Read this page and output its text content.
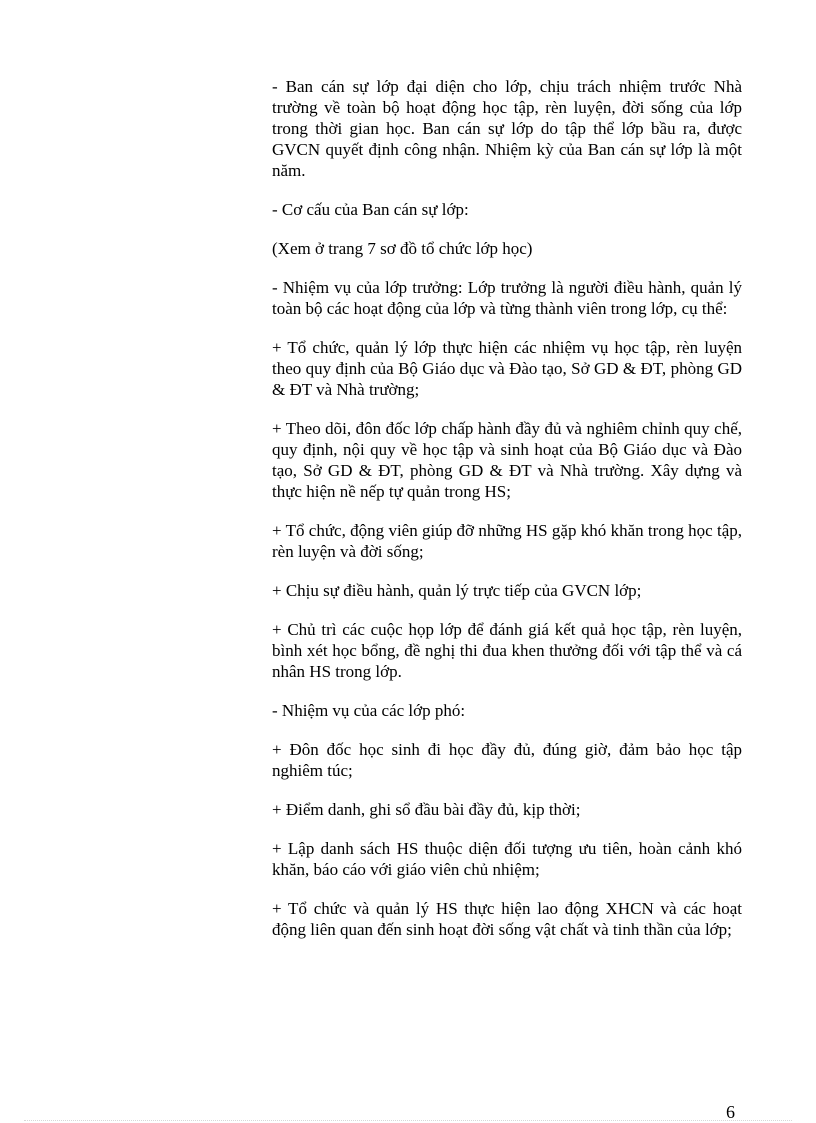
- Ban cán sự lớp đại diện cho lớp, chịu trách nhiệm trước Nhà trường về toàn bộ hoạt động học tập, rèn luyện, đời sống của lớp trong thời gian học. Ban cán sự lớp do tập thể lớp bầu ra, được GVCN quyết định công nhận. Nhiệm kỳ của Ban cán sự lớp là một năm.

- Cơ cấu của Ban cán sự lớp:

(Xem ở trang 7 sơ đồ tổ chức lớp học)

- Nhiệm vụ của lớp trưởng: Lớp trưởng là người điều hành, quản lý toàn bộ các hoạt động của lớp và từng thành viên trong lớp, cụ thể:

+ Tổ chức, quản lý lớp thực hiện các nhiệm vụ học tập, rèn luyện theo quy định của Bộ Giáo dục và Đào tạo, Sở GD & ĐT, phòng GD & ĐT và Nhà trường;

+ Theo dõi, đôn đốc lớp chấp hành đầy đủ và nghiêm chỉnh quy chế, quy định, nội quy về học tập và sinh hoạt của Bộ Giáo dục và Đào tạo, Sở GD & ĐT, phòng GD & ĐT và Nhà trường. Xây dựng và thực hiện nề nếp tự quản trong HS;

+ Tổ chức, động viên giúp đỡ những HS gặp khó khăn trong học tập, rèn luyện và đời sống;

+ Chịu sự điều hành, quản lý trực tiếp của GVCN lớp;

+ Chủ trì các cuộc họp lớp để đánh giá kết quả học tập, rèn luyện, bình xét học bổng, đề nghị thi đua khen thưởng đối với tập thể và cá nhân HS trong lớp.

- Nhiệm vụ của các lớp phó:

+ Đôn đốc học sinh đi học đầy đủ, đúng giờ, đảm bảo học tập nghiêm túc;

+ Điểm danh, ghi sổ đầu bài đầy đủ, kịp thời;

+ Lập danh sách HS thuộc diện đối tượng ưu tiên, hoàn cảnh khó khăn, báo cáo với giáo viên chủ nhiệm;

+ Tổ chức và quản lý HS thực hiện lao động XHCN và các hoạt động liên quan đến sinh hoạt đời sống vật chất và tinh thần của lớp;

6
